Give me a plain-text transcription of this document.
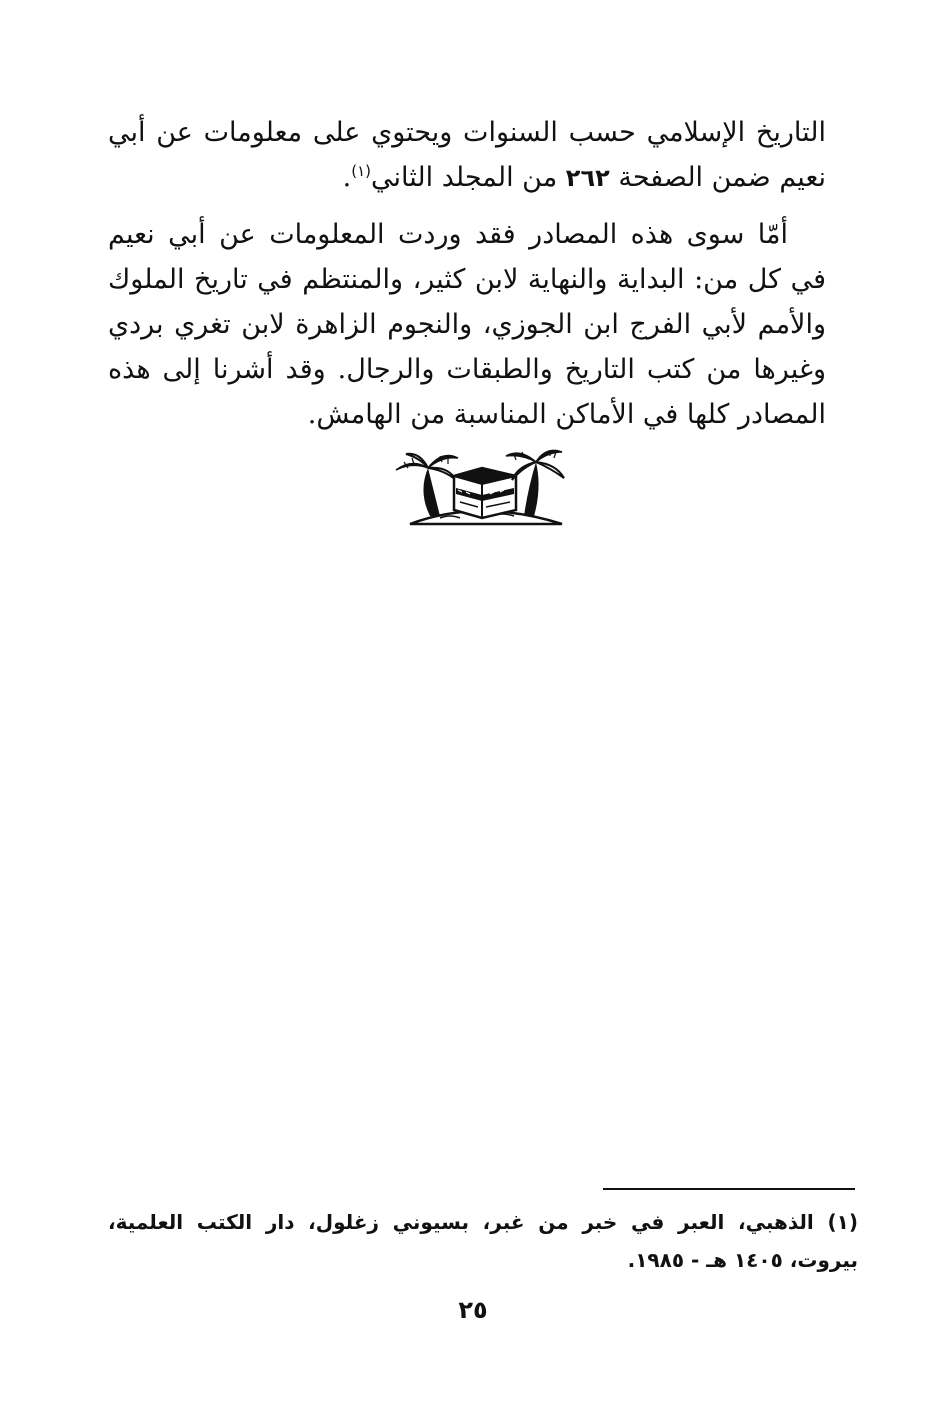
التاريخ الإسلامي حسب السنوات ويحتوي على معلومات عن أبي نعيم ضمن الصفحة ٢٦٢ من المجلد الثاني$^{(١)}$.

أمّا سوى هذه المصادر فقد وردت المعلومات عن أبي نعيم في كل من: البداية والنهاية لابن كثير، والمنتظم في تاريخ الملوك والأمم لأبي الفرج ابن الجوزي، والنجوم الزاهرة لابن تغري بردي وغيرها من كتب التاريخ والطبقات والرجال. وقد أشرنا إلى هذه المصادر كلها في الأماكن المناسبة من الهامش.

(١) الذهبي، العبر في خبر من غبر، بسيوني زغلول، دار الكتب العلمية، بيروت، ١٤٠٥ هـ - ١٩٨٥.

٢٥
